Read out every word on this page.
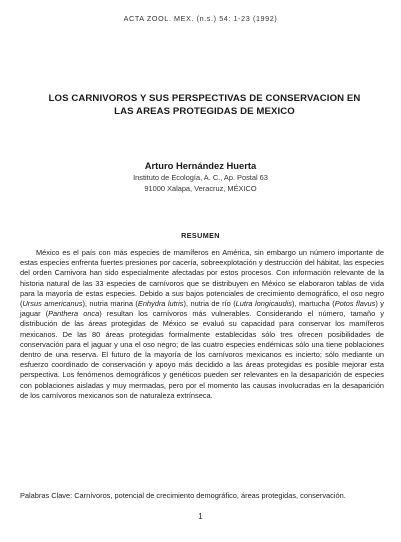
ACTA ZOOL. MEX. (n.s.) 54: 1-23 (1992)
LOS CARNIVOROS Y SUS PERSPECTIVAS DE CONSERVACION EN
LAS AREAS PROTEGIDAS DE MEXICO
Arturo Hernández Huerta
Instituto de Ecología, A. C., Ap. Postal 63
91000 Xalapa, Veracruz, MÉXICO
RESUMEN

México es el país con más especies de mamíferos en América, sin embargo un número importante de estas especies enfrenta fuertes presiones por cacería, sobreexplotación y destrucción del hábitat, las especies del orden Carnivora han sido especialmente afectadas por estos procesos. Con información relevante de la historia natural de las 33 especies de carnívoros que se distribuyen en México se elaboraron tablas de vida para la mayoría de estas especies. Debido a sus bajos potenciales de crecimiento demográfico, el oso negro (Ursus americanus), nutria marina (Enhydra lutris), nutria de río (Lutra longicaudis), martucha (Potos flavus) y jaguar (Panthera onca) resultan los carnívoros más vulnerables. Considerando el número, tamaño y distribución de las áreas protegidas de México se evaluó su capacidad para conservar los mamíferos mexicanos. De las 80 áreas protegidas formalmente establecidas sólo tres ofrecen posibilidades de conservación para el jaguar y una el oso negro; de las cuatro especies endémicas sólo una tiene poblaciones dentro de una reserva. El futuro de la mayoría de los carnívoros mexicanos es incierto; sólo mediante un esfuerzo coordinado de conservación y apoyo más decidido a las áreas protegidas es posible mejorar esta perspectiva. Los fenómenos demográficos y genéticos pueden ser relevantes en la desaparición de especies con poblaciones aisladas y muy mermadas, pero por el momento las causas involucradas en la desaparición de los carnívoros mexicanos son de naturaleza extrínseca.

Palabras Clave: Carnívoros, potencial de crecimiento demográfico, áreas protegidas, conservación.
1
